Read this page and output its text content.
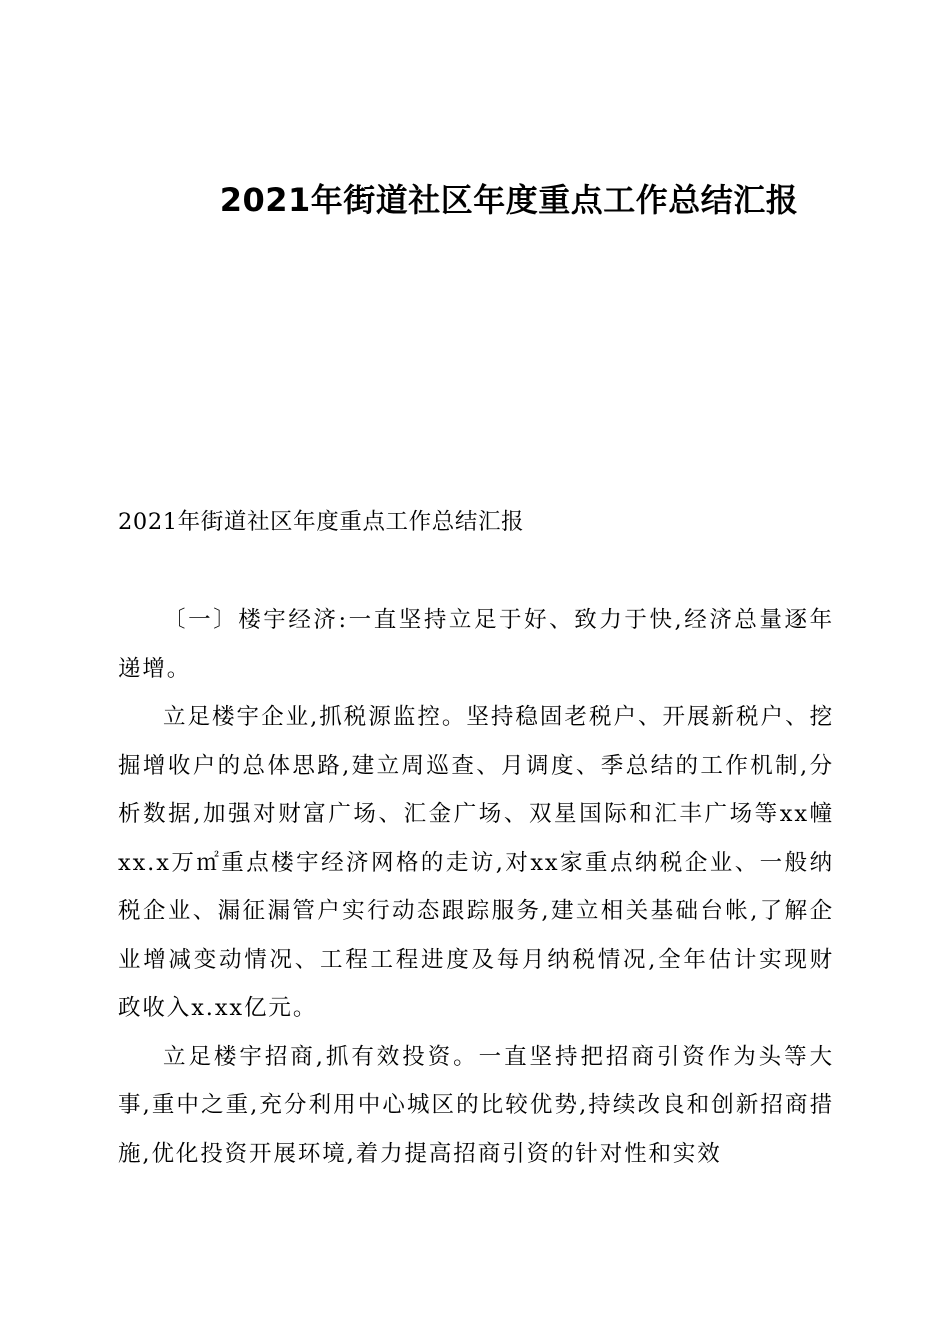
2021年街道社区年度重点工作总结汇报
2021年街道社区年度重点工作总结汇报

〔一〕楼宇经济:一直坚持立足于好、致力于快,经济总量逐年递增。

立足楼宇企业,抓税源监控。坚持稳固老税户、开展新税户、挖掘增收户的总体思路,建立周巡查、月调度、季总结的工作机制,分析数据,加强对财富广场、汇金广场、双星国际和汇丰广场等xx幢xx.x万㎡重点楼宇经济网格的走访,对xx家重点纳税企业、一般纳税企业、漏征漏管户实行动态跟踪服务,建立相关基础台帐,了解企业增减变动情况、工程工程进度及每月纳税情况,全年估计实现财政收入x.xx亿元。

立足楼宇招商,抓有效投资。一直坚持把招商引资作为头等大事,重中之重,充分利用中心城区的比较优势,持续改良和创新招商措施,优化投资开展环境,着力提高招商引资的针对性和实效
